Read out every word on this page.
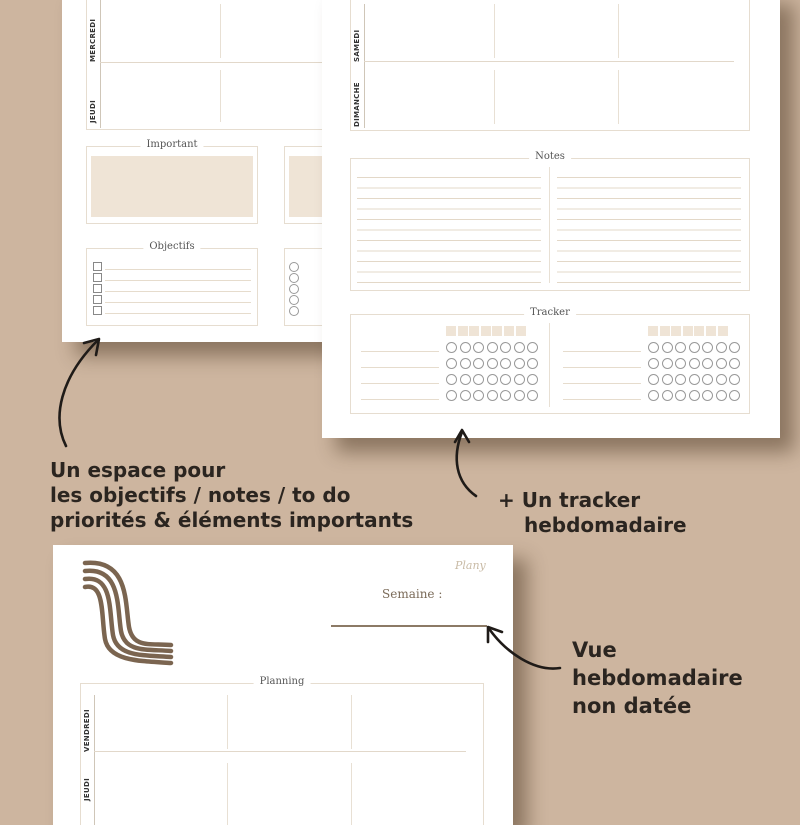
MERCREDI
JEUDI
Important
Objectifs
SAMEDI
DIMANCHE
Notes
Tracker
Plany
Semaine :
Planning
VENDREDI
JEUDI
Un espace pour
les objectifs / notes / to do
priorités & éléments importants
+ Un tracker
hebdomadaire
Vue
hebdomadaire
non datée
